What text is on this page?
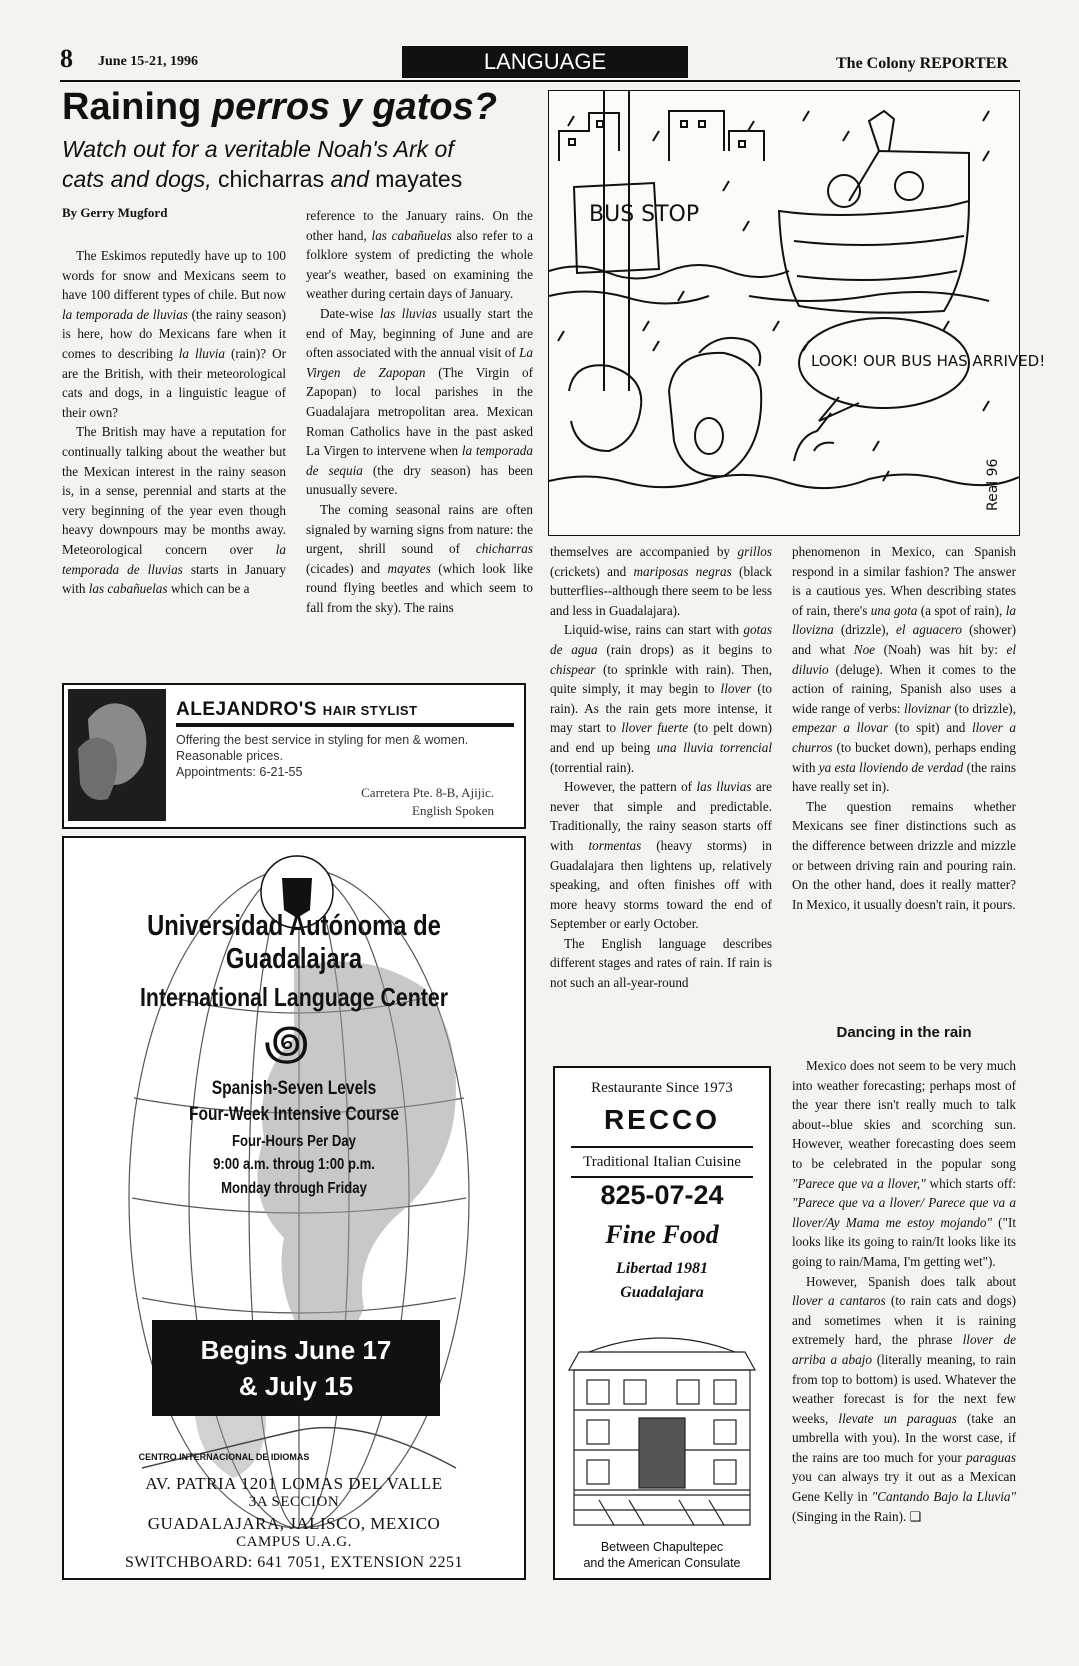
8 June 15-21, 1996	LANGUAGE	The Colony REPORTER
Raining perros y gatos?
Watch out for a veritable Noah's Ark of
cats and dogs, chicharras and mayates
By Gerry Mugford

The Eskimos reputedly have up to 100 words for snow and Mexicans seem to have 100 different types of chile. But now la temporada de lluvias (the rainy season) is here, how do Mexicans fare when it comes to describing la lluvia (rain)? Or are the British, with their meteorological cats and dogs, in a linguistic league of their own?

The British may have a reputation for continually talking about the weather but the Mexican interest in the rainy season is, in a sense, perennial and starts at the very beginning of the year even though heavy downpours may be months away. Meteorological concern over la temporada de lluvias starts in January with las cabañuelas which can be a

reference to the January rains. On the other hand, las cabañuelas also refer to a folklore system of predicting the whole year's weather, based on examining the weather during certain days of January.

Date-wise las lluvias usually start the end of May, beginning of June and are often associated with the annual visit of La Virgen de Zapopan (The Virgin of Zapopan) to local parishes in the Guadalajara metropolitan area. Mexican Roman Catholics have in the past asked La Virgen to intervene when la temporada de sequia (the dry season) has been unusually severe.

The coming seasonal rains are often signaled by warning signs from nature: the urgent, shrill sound of chicharras (cicades) and mayates (which look like round flying beetles and which seem to fall from the sky). The rains

BUS STOP
LOOK! OUR BUS HAS ARRIVED!
Real 96

themselves are accompanied by grillos (crickets) and mariposas negras (black butterflies--although there seem to be less and less in Guadalajara).

Liquid-wise, rains can start with gotas de agua (rain drops) as it begins to chispear (to sprinkle with rain). Then, quite simply, it may begin to llover (to rain). As the rain gets more intense, it may start to llover fuerte (to pelt down) and end up being una lluvia torrencial (torrential rain).

However, the pattern of las lluvias are never that simple and predictable. Traditionally, the rainy season starts off with tormentas (heavy storms) in Guadalajara then lightens up, relatively speaking, and often finishes off with more heavy storms toward the end of September or early October.

The English language describes different stages and rates of rain. If rain is not such an all-year-round

phenomenon in Mexico, can Spanish respond in a similar fashion? The answer is a cautious yes. When describing states of rain, there's una gota (a spot of rain), la llovizna (drizzle), el aguacero (shower) and what Noe (Noah) was hit by: el diluvio (deluge). When it comes to the action of raining, Spanish also uses a wide range of verbs: lloviznar (to drizzle), empezar a llovar (to spit) and llover a churros (to bucket down), perhaps ending with ya esta lloviendo de verdad (the rains have really set in).

The question remains whether Mexicans see finer distinctions such as the difference between drizzle and mizzle or between driving rain and pouring rain. On the other hand, does it really matter? In Mexico, it usually doesn't rain, it pours.

Dancing in the rain

Mexico does not seem to be very much into weather forecasting; perhaps most of the year there isn't really much to talk about--blue skies and scorching sun. However, weather forecasting does seem to be celebrated in the popular song "Parece que va a llover," which starts off: "Parece que va a llover/ Parece que va a llover/Ay Mama me estoy mojando" ("It looks like its going to rain/It looks like its going to rain/Mama, I'm getting wet").

However, Spanish does talk about llover a cantaros (to rain cats and dogs) and sometimes when it is raining extremely hard, the phrase llover de arriba a abajo (literally meaning, to rain from top to bottom) is used. Whatever the weather forecast is for the next few weeks, llevate un paraguas (take an umbrella with you). In the worst case, if the rains are too much for your paraguas you can always try it out as a Mexican Gene Kelly in "Cantando Bajo la Lluvia" (Singing in the Rain). ❑

ALEJANDRO'S HAIR STYLIST
Offering the best service in styling for men & women.
Reasonable prices.
Appointments: 6-21-55
Carretera Pte. 8-B, Ajijic.
English Spoken
Universidad Autónoma de Guadalajara
International Language Center
꩜
Spanish-Seven Levels
Four-Week Intensive Course
Four-Hours Per Day
9:00 a.m. throug 1:00 p.m.
Monday through Friday
Begins June 17
& July 15
CENTRO INTERNACIONAL DE IDIOMAS
AV. PATRIA 1201 LOMAS DEL VALLE
3A SECCION
GUADALAJARA, JALISCO, MEXICO
CAMPUS U.A.G.
SWITCHBOARD: 641 7051, EXTENSION 2251
Restaurante Since 1973
RECCO
Traditional Italian Cuisine
825-07-24
Fine Food
Libertad 1981
Guadalajara
Between Chapultepec
and the American Consulate
